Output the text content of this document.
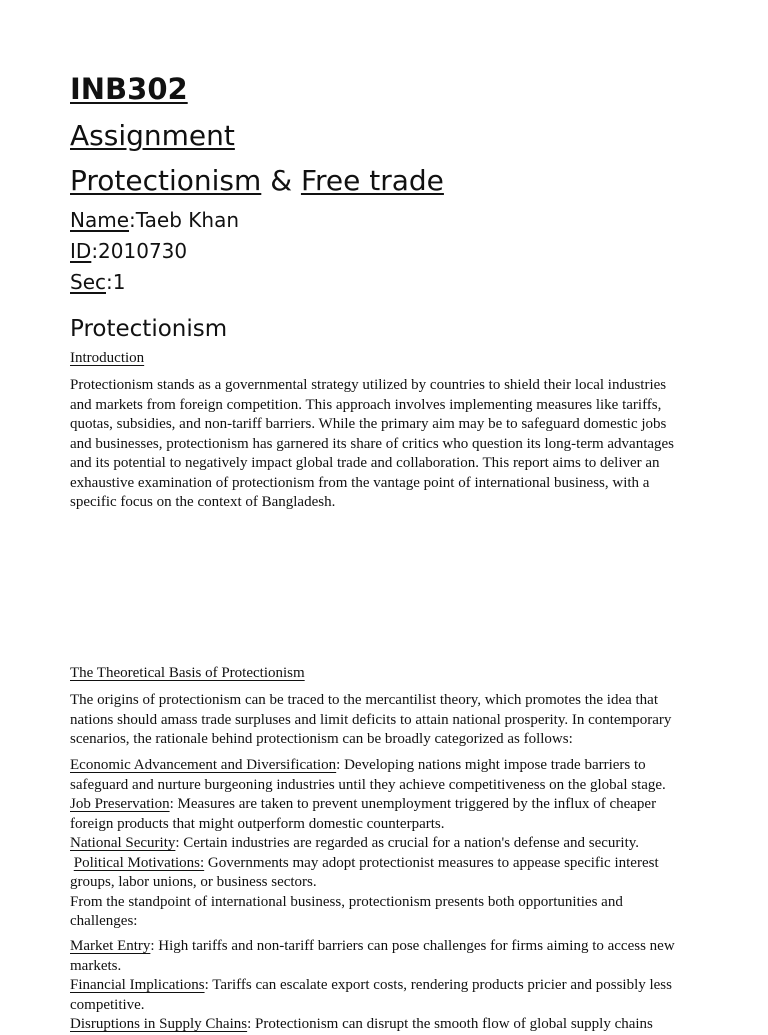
INB302
Assignment
Protectionism & Free trade
Name:Taeb Khan
ID:2010730
Sec:1
Protectionism
Introduction
Protectionism stands as a governmental strategy utilized by countries to shield their local industries
and markets from foreign competition. This approach involves implementing measures like tariffs,
quotas, subsidies, and non-tariff barriers. While the primary aim may be to safeguard domestic jobs
and businesses, protectionism has garnered its share of critics who question its long-term advantages
and its potential to negatively impact global trade and collaboration. This report aims to deliver an
exhaustive examination of protectionism from the vantage point of international business, with a
specific focus on the context of Bangladesh.
The Theoretical Basis of Protectionism
The origins of protectionism can be traced to the mercantilist theory, which promotes the idea that
nations should amass trade surpluses and limit deficits to attain national prosperity. In contemporary
scenarios, the rationale behind protectionism can be broadly categorized as follows:
Economic Advancement and Diversification: Developing nations might impose trade barriers to
safeguard and nurture burgeoning industries until they achieve competitiveness on the global stage.
Job Preservation: Measures are taken to prevent unemployment triggered by the influx of cheaper
foreign products that might outperform domestic counterparts.
National Security: Certain industries are regarded as crucial for a nation's defense and security.
Political Motivations: Governments may adopt protectionist measures to appease specific interest
groups, labor unions, or business sectors.
From the standpoint of international business, protectionism presents both opportunities and
challenges:
Market Entry: High tariffs and non-tariff barriers can pose challenges for firms aiming to access new
markets.
Financial Implications: Tariffs can escalate export costs, rendering products pricier and possibly less
competitive.
Disruptions in Supply Chains: Protectionism can disrupt the smooth flow of global supply chains
